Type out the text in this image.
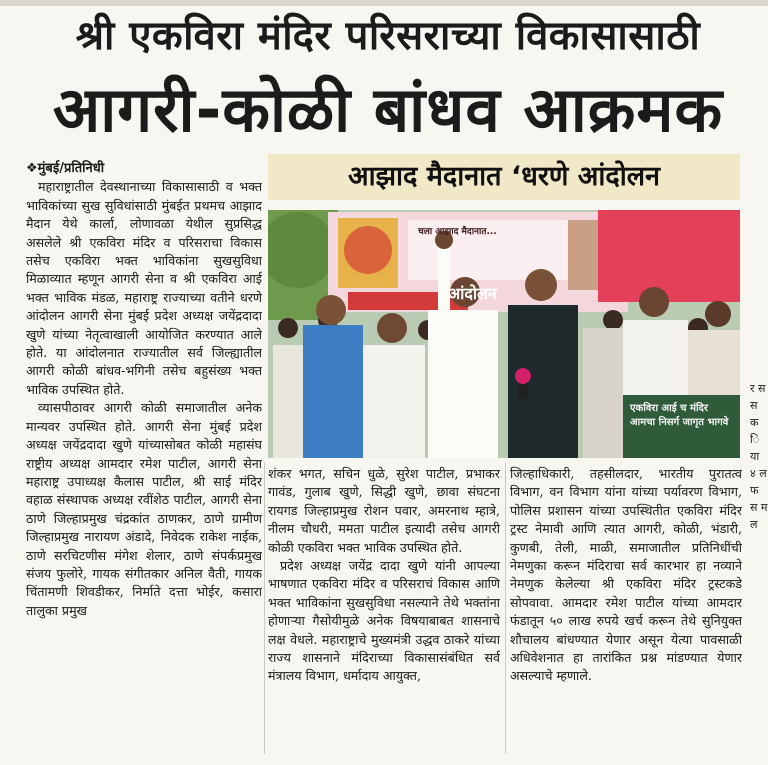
श्री एकविरा मंदिर परिसराच्या विकासासाठी
आगरी-कोळी बांधव आक्रमक

❖मुंबई/प्रतिनिधी

महाराष्ट्रातील देवस्थानाच्या विकासासाठी व भक्त भाविकांच्या सुख सुविधांसाठी मुंबईत प्रथमच आझाद मैदान येथे कार्ला, लोणावळा येथील सुप्रसिद्ध असलेले श्री एकविरा मंदिर व परिसराचा विकास तसेच एकविरा भक्त भाविकांना सुखसुविधा मिळाव्यात म्हणून आगरी सेना व श्री एकविरा आई भक्त भाविक मंडळ, महाराष्ट्र राज्याच्या वतीने धरणे आंदोलन आगरी सेना मुंबई प्रदेश अध्यक्ष जयेंद्रदादा खुणे यांच्या नेतृत्वाखाली आयोजित करण्यात आले होते. या आंदोलनात राज्यातील सर्व जिल्ह्यातील आगरी कोळी बांधव-भगिनी तसेच बहुसंख्य भक्त भाविक उपस्थित होते.

व्यासपीठावर आगरी कोळी समाजातील अनेक मान्यवर उपस्थित होते. आगरी सेना मुंबई प्रदेश अध्यक्ष जयेंद्रदादा खुणे यांच्यासोबत कोळी महासंघ राष्ट्रीय अध्यक्ष आमदार रमेश पाटील, आगरी सेना महाराष्ट्र उपाध्यक्ष कैलास पाटील, श्री साई मंदिर वहाळ संस्थापक अध्यक्ष रवींशेठ पाटील, आगरी सेना ठाणे जिल्हाप्रमुख चंद्रकांत ठाणकर, ठाणे ग्रामीण जिल्हाप्रमुख नारायण अंडादे, निवेदक राकेश नाईक, ठाणे सरचिटणीस मंगेश शेलार, ठाणे संपर्कप्रमुख संजय फुलोरे, गायक संगीतकार अनिल वैती, गायक चिंतामणी शिवडीकर, निर्माते दत्ता भोईर, कसारा तालुका प्रमुख

आझाद मैदानात ‘धरणे आंदोलन
चला आझाद मैदानात...
आंदोलन
एकविरा आई च मंदिर आमचा निसर्ग जागृत भागवे

शंकर भगत, सचिन धुळे, सुरेश पाटील, प्रभाकर गावंड, गुलाब खुणे, सिद्धी खुणे, छावा संघटना रायगड जिल्हाप्रमुख रोशन पवार, अमरनाथ म्हात्रे, नीलम चौधरी, ममता पाटील इत्यादी तसेच आगरी कोळी एकविरा भक्त भाविक उपस्थित होते.

प्रदेश अध्यक्ष जयेंद्र दादा खुणे यांनी आपल्या भाषणात एकविरा मंदिर व परिसराचं विकास आणि भक्त भाविकांना सुखसुविधा नसल्याने तेथे भक्तांना होणाऱ्या गैसोयीमुळे अनेक विषयाबाबत शासनाचे लक्ष वेधले. महाराष्ट्राचे मुख्यमंत्री उद्धव ठाकरे यांच्या राज्य शासनाने मंदिराच्या विकासासंबंधित सर्व मंत्रालय विभाग, धर्मादाय आयुक्त,

जिल्हाधिकारी, तहसीलदार, भारतीय पुरातत्व विभाग, वन विभाग यांना यांच्या पर्यावरण विभाग, पोलिस प्रशासन यांच्या उपस्थितीत एकविरा मंदिर ट्रस्ट नेमावी आणि त्यात आगरी, कोळी, भंडारी, कुणबी, तेली, माळी, समाजातील प्रतिनिधींची नेमणुका करून मंदिराचा सर्व कारभार हा नव्याने नेमणुक केलेल्या श्री एकविरा मंदिर ट्रस्टकडे सोपवावा. आमदार रमेश पाटील यांच्या आमदार फंडातून ५० लाख रुपये खर्च करून तेथे सुनियुक्त शौचालय बांधण्यात येणार असून येत्या पावसाळी अधिवेशनात हा तारांकित प्रश्न मांडण्यात येणार असल्याचे म्हणाले.

र स स क ि या ४ ल फ स म ल
